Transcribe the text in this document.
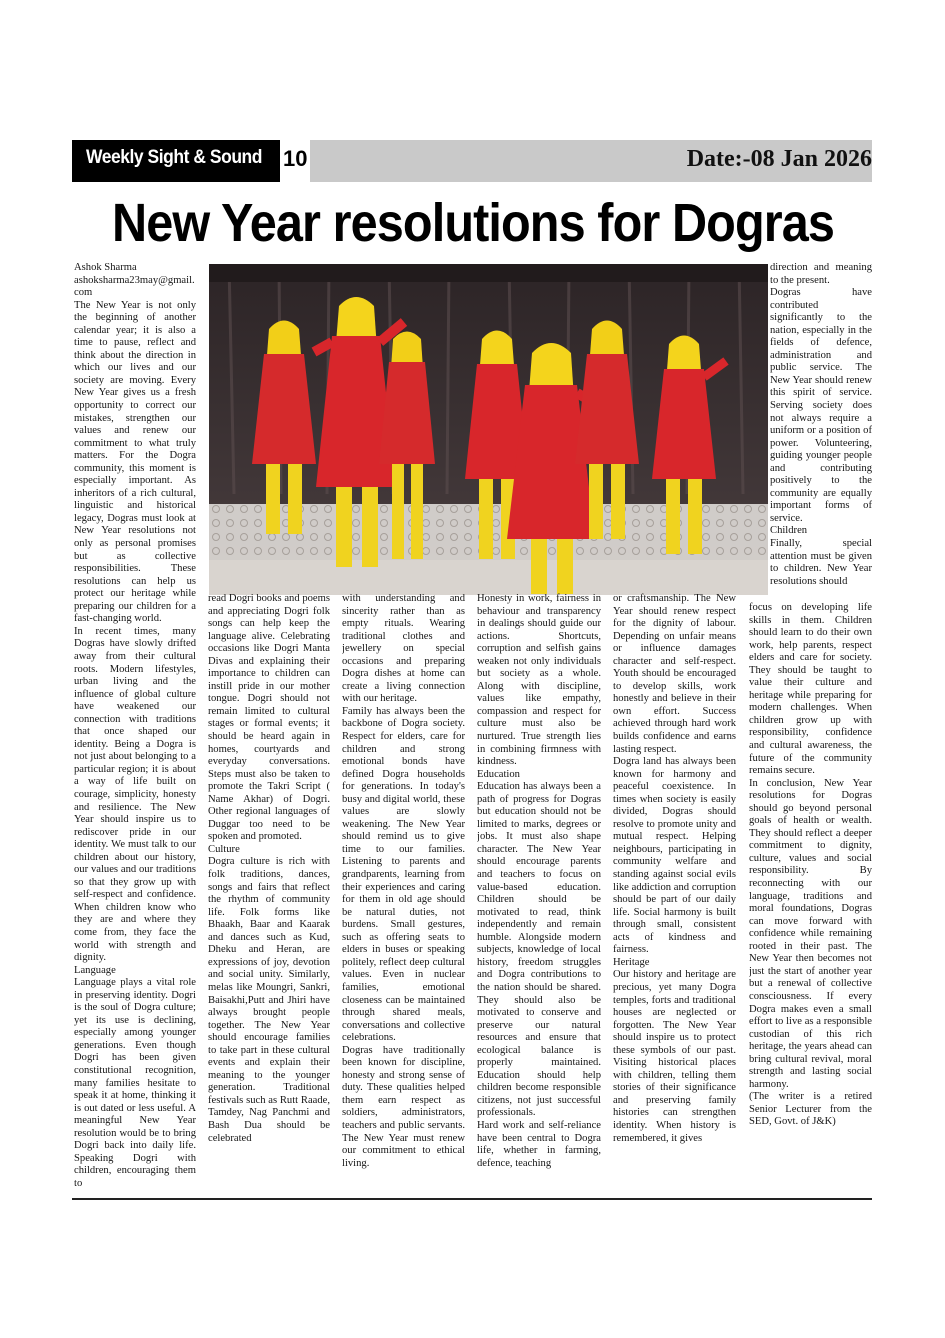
Weekly Sight & Sound 10	Date:-08 Jan 2026
New Year resolutions for Dogras

Ashok Sharma

ashoksharma23may@gmail.com

The New Year is not only the beginning of another calendar year; it is also a time to pause, reflect and think about the direction in which our lives and our society are moving. Every New Year gives us a fresh opportunity to correct our mistakes, strengthen our values and renew our commitment to what truly matters. For the Dogra community, this moment is especially important. As inheritors of a rich cultural, linguistic and historical legacy, Dogras must look at New Year resolutions not only as personal promises but as collective responsibilities. These resolutions can help us protect our heritage while preparing our children for a fast-changing world.

In recent times, many Dogras have slowly drifted away from their cultural roots. Modern lifestyles, urban living and the influence of global culture have weakened our connection with traditions that once shaped our identity. Being a Dogra is not just about belonging to a particular region; it is about a way of life built on courage, simplicity, honesty and resilience. The New Year should inspire us to rediscover pride in our identity. We must talk to our children about our history, our values and our traditions so that they grow up with self-respect and confidence. When children know who they are and where they come from, they face the world with strength and dignity.

Language

Language plays a vital role in preserving identity. Dogri is the soul of Dogra culture; yet its use is declining, especially among younger generations. Even though Dogri has been given constitutional recognition, many families hesitate to speak it at home, thinking it is out dated or less useful. A meaningful New Year resolution would be to bring Dogri back into daily life. Speaking Dogri with children, encouraging them to

read Dogri books and poems and appreciating Dogri folk songs can help keep the language alive. Celebrating occasions like Dogri Manta Divas and explaining their importance to children can instill pride in our mother tongue. Dogri should not remain limited to cultural stages or formal events; it should be heard again in homes, courtyards and everyday conversations. Steps must also be taken to promote the Takri Script ( Name Akhar) of Dogri. Other regional languages of Duggar too need to be spoken and promoted.

Culture

Dogra culture is rich with folk traditions, dances, songs and fairs that reflect the rhythm of community life. Folk forms like Bhaakh, Baar and Kaarak and dances such as Kud, Dheku and Heran, are expressions of joy, devotion and social unity. Similarly, melas like Moungri, Sankri, Baisakhi,Putt and Jhiri have always brought people together. The New Year should encourage families to take part in these cultural events and explain their meaning to the younger generation. Traditional festivals such as Rutt Raade, Tamdey, Nag Panchmi and Bash Dua should be celebrated

with understanding and sincerity rather than as empty rituals. Wearing traditional clothes and jewellery on special occasions and preparing Dogra dishes at home can create a living connection with our heritage.

Family has always been the backbone of Dogra society. Respect for elders, care for children and strong emotional bonds have defined Dogra households for generations. In today's busy and digital world, these values are slowly weakening. The New Year should remind us to give time to our families. Listening to parents and grandparents, learning from their experiences and caring for them in old age should be natural duties, not burdens. Small gestures, such as offering seats to elders in buses or speaking politely, reflect deep cultural values. Even in nuclear families, emotional closeness can be maintained through shared meals, conversations and collective celebrations.

Dogras have traditionally been known for discipline, honesty and strong sense of duty. These qualities helped them earn respect as soldiers, administrators, teachers and public servants. The New Year must renew our commitment to ethical living.

Honesty in work, fairness in behaviour and transparency in dealings should guide our actions. Shortcuts, corruption and selfish gains weaken not only individuals but society as a whole. Along with discipline, values like empathy, compassion and respect for culture must also be nurtured. True strength lies in combining firmness with kindness.

Education

Education has always been a path of progress for Dogras but education should not be limited to marks, degrees or jobs. It must also shape character. The New Year should encourage parents and teachers to focus on value-based education. Children should be motivated to read, think independently and remain humble. Alongside modern subjects, knowledge of local history, freedom struggles and Dogra contributions to the nation should be shared. They should also be motivated to conserve and preserve our natural resources and ensure that ecological balance is properly maintained. Education should help children become responsible citizens, not just successful professionals.

Hard work and self-reliance have been central to Dogra life, whether in farming, defence, teaching

or craftsmanship. The New Year should renew respect for the dignity of labour. Depending on unfair means or influence damages character and self-respect. Youth should be encouraged to develop skills, work honestly and believe in their own effort. Success achieved through hard work builds confidence and earns lasting respect.

Dogra land has always been known for harmony and peaceful coexistence. In times when society is easily divided, Dogras should resolve to promote unity and mutual respect. Helping neighbours, participating in community welfare and standing against social evils like addiction and corruption should be part of our daily life. Social harmony is built through small, consistent acts of kindness and fairness.

Heritage

Our history and heritage are precious, yet many Dogra temples, forts and traditional houses are neglected or forgotten. The New Year should inspire us to protect these symbols of our past. Visiting historical places with children, telling them stories of their significance and preserving family histories can strengthen identity. When history is remembered, it gives

direction and meaning to the present.

Dogras have contributed significantly to the nation, especially in the fields of defence, administration and public service. The New Year should renew this spirit of service. Serving society does not always require a uniform or a position of power. Volunteering, guiding younger people and contributing positively to the community are equally important forms of service.

Children

Finally, special attention must be given to children. New Year resolutions should

focus on developing life skills in them. Children should learn to do their own work, help parents, respect elders and care for society. They should be taught to value their culture and heritage while preparing for modern challenges. When children grow up with responsibility, confidence and cultural awareness, the future of the community remains secure.

In conclusion, New Year resolutions for Dogras should go beyond personal goals of health or wealth. They should reflect a deeper commitment to dignity, culture, values and social responsibility. By reconnecting with our language, traditions and moral foundations, Dogras can move forward with confidence while remaining rooted in their past. The New Year then becomes not just the start of another year but a renewal of collective consciousness. If every Dogra makes even a small effort to live as a responsible custodian of this rich heritage, the years ahead can bring cultural revival, moral strength and lasting social harmony.

(The writer is a retired Senior Lecturer from the SED, Govt. of J&K)
